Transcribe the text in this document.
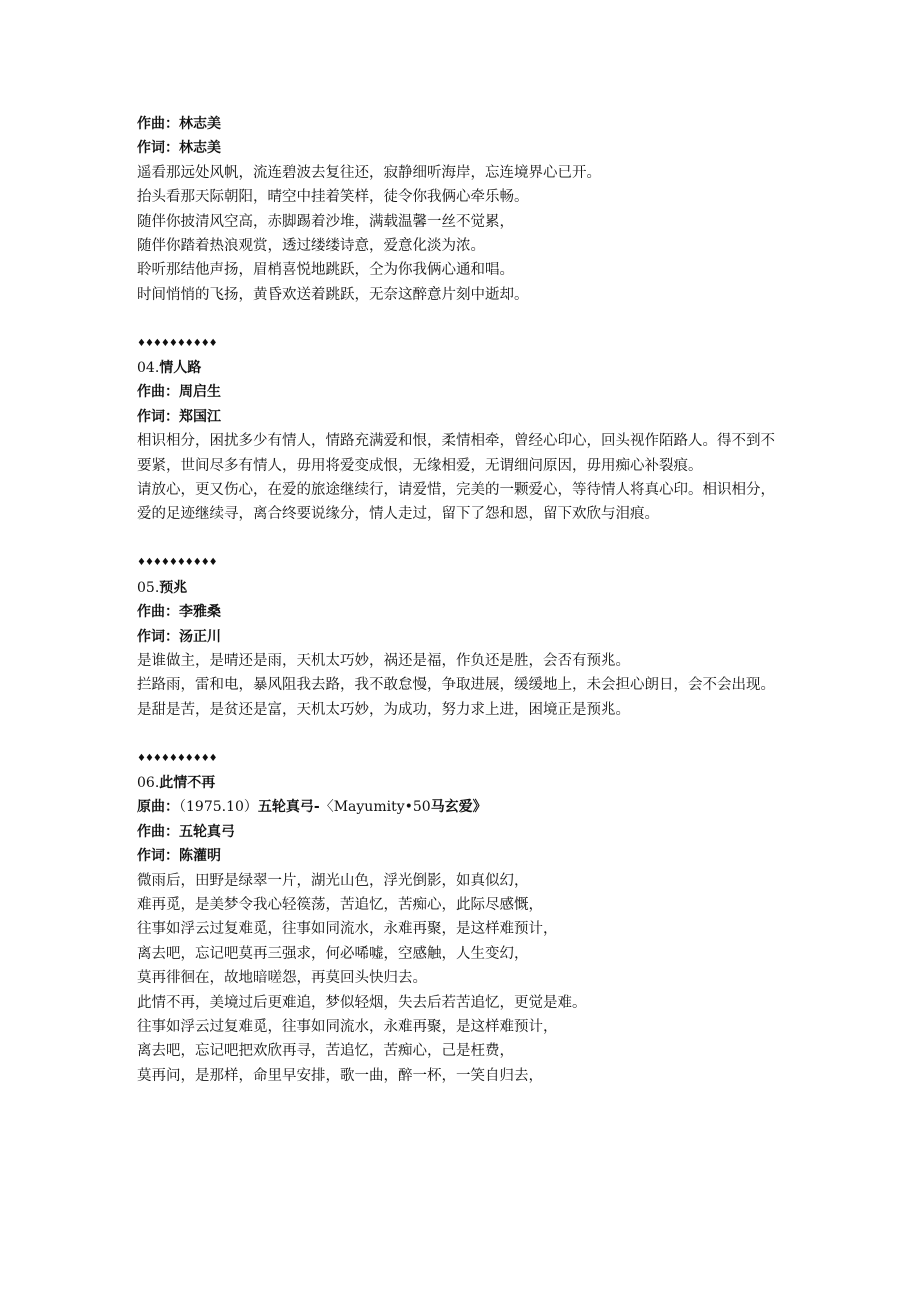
作曲：林志美
作词：林志美
遥看那远处风帆，流连碧波去复往还，寂静细听海岸，忘连境界心已开。
抬头看那天际朝阳，晴空中挂着笑样，徒令你我俩心牵乐畅。
随伴你披清风空高，赤脚踢着沙堆，满载温馨一丝不觉累，
随伴你踏着热浪观赏，透过缕缕诗意，爱意化淡为浓。
聆听那结他声扬，眉梢喜悦地跳跃，仝为你我俩心通和唱。
时间悄悄的飞扬，黄昏欢送着跳跃，无奈这醉意片刻中逝却。
♦♦♦♦♦♦♦♦♦♦
04.情人路
作曲：周启生
作词：郑国江
相识相分，困扰多少有情人，情路充满爱和恨，柔情相牵，曾经心印心，回头视作陌路人。得不到不要紧，世间尽多有情人，毋用将爱变成恨，无缘相爱，无谓细问原因，毋用痴心补裂痕。
请放心，更又伤心，在爱的旅途继续行，请爱惜，完美的一颗爱心，等待情人将真心印。相识相分，爱的足迹继续寻，离合终要说缘分，情人走过，留下了怨和恩，留下欢欣与泪痕。
♦♦♦♦♦♦♦♦♦♦
05.预兆
作曲：李雅桑
作词：汤正川
是谁做主，是晴还是雨，天机太巧妙，祸还是福，作负还是胜，会否有预兆。
拦路雨，雷和电，暴风阻我去路，我不敢怠慢，争取进展，缓缓地上，未会担心朗日，会不会出现。
是甜是苦，是贫还是富，天机太巧妙，为成功，努力求上进，困境正是预兆。
♦♦♦♦♦♦♦♦♦♦
06.此情不再
原曲：（1975.10）五轮真弓-〈Mayumity•50马玄爱》
作曲：五轮真弓
作词：陈灌明
微雨后，田野是绿翠一片，湖光山色，浮光倒影，如真似幻，
难再觅，是美梦令我心轻篌荡，苦追忆，苦痴心，此际尽感慨，
往事如浮云过复难觅，往事如同流水，永难再聚，是这样难预计，
离去吧，忘记吧莫再三强求，何必唏嘘，空感触，人生变幻，
莫再徘徊在，故地暗嗟怨，再莫回头快归去。
此情不再，美境过后更难追，梦似轻烟，失去后若苦追忆，更觉是难。
往事如浮云过复难觅，往事如同流水，永难再聚，是这样难预计，
离去吧，忘记吧把欢欣再寻，苦追忆，苦痴心，己是枉费，
莫再问，是那样，命里早安排，歌一曲，醉一杯，一笑自归去，
